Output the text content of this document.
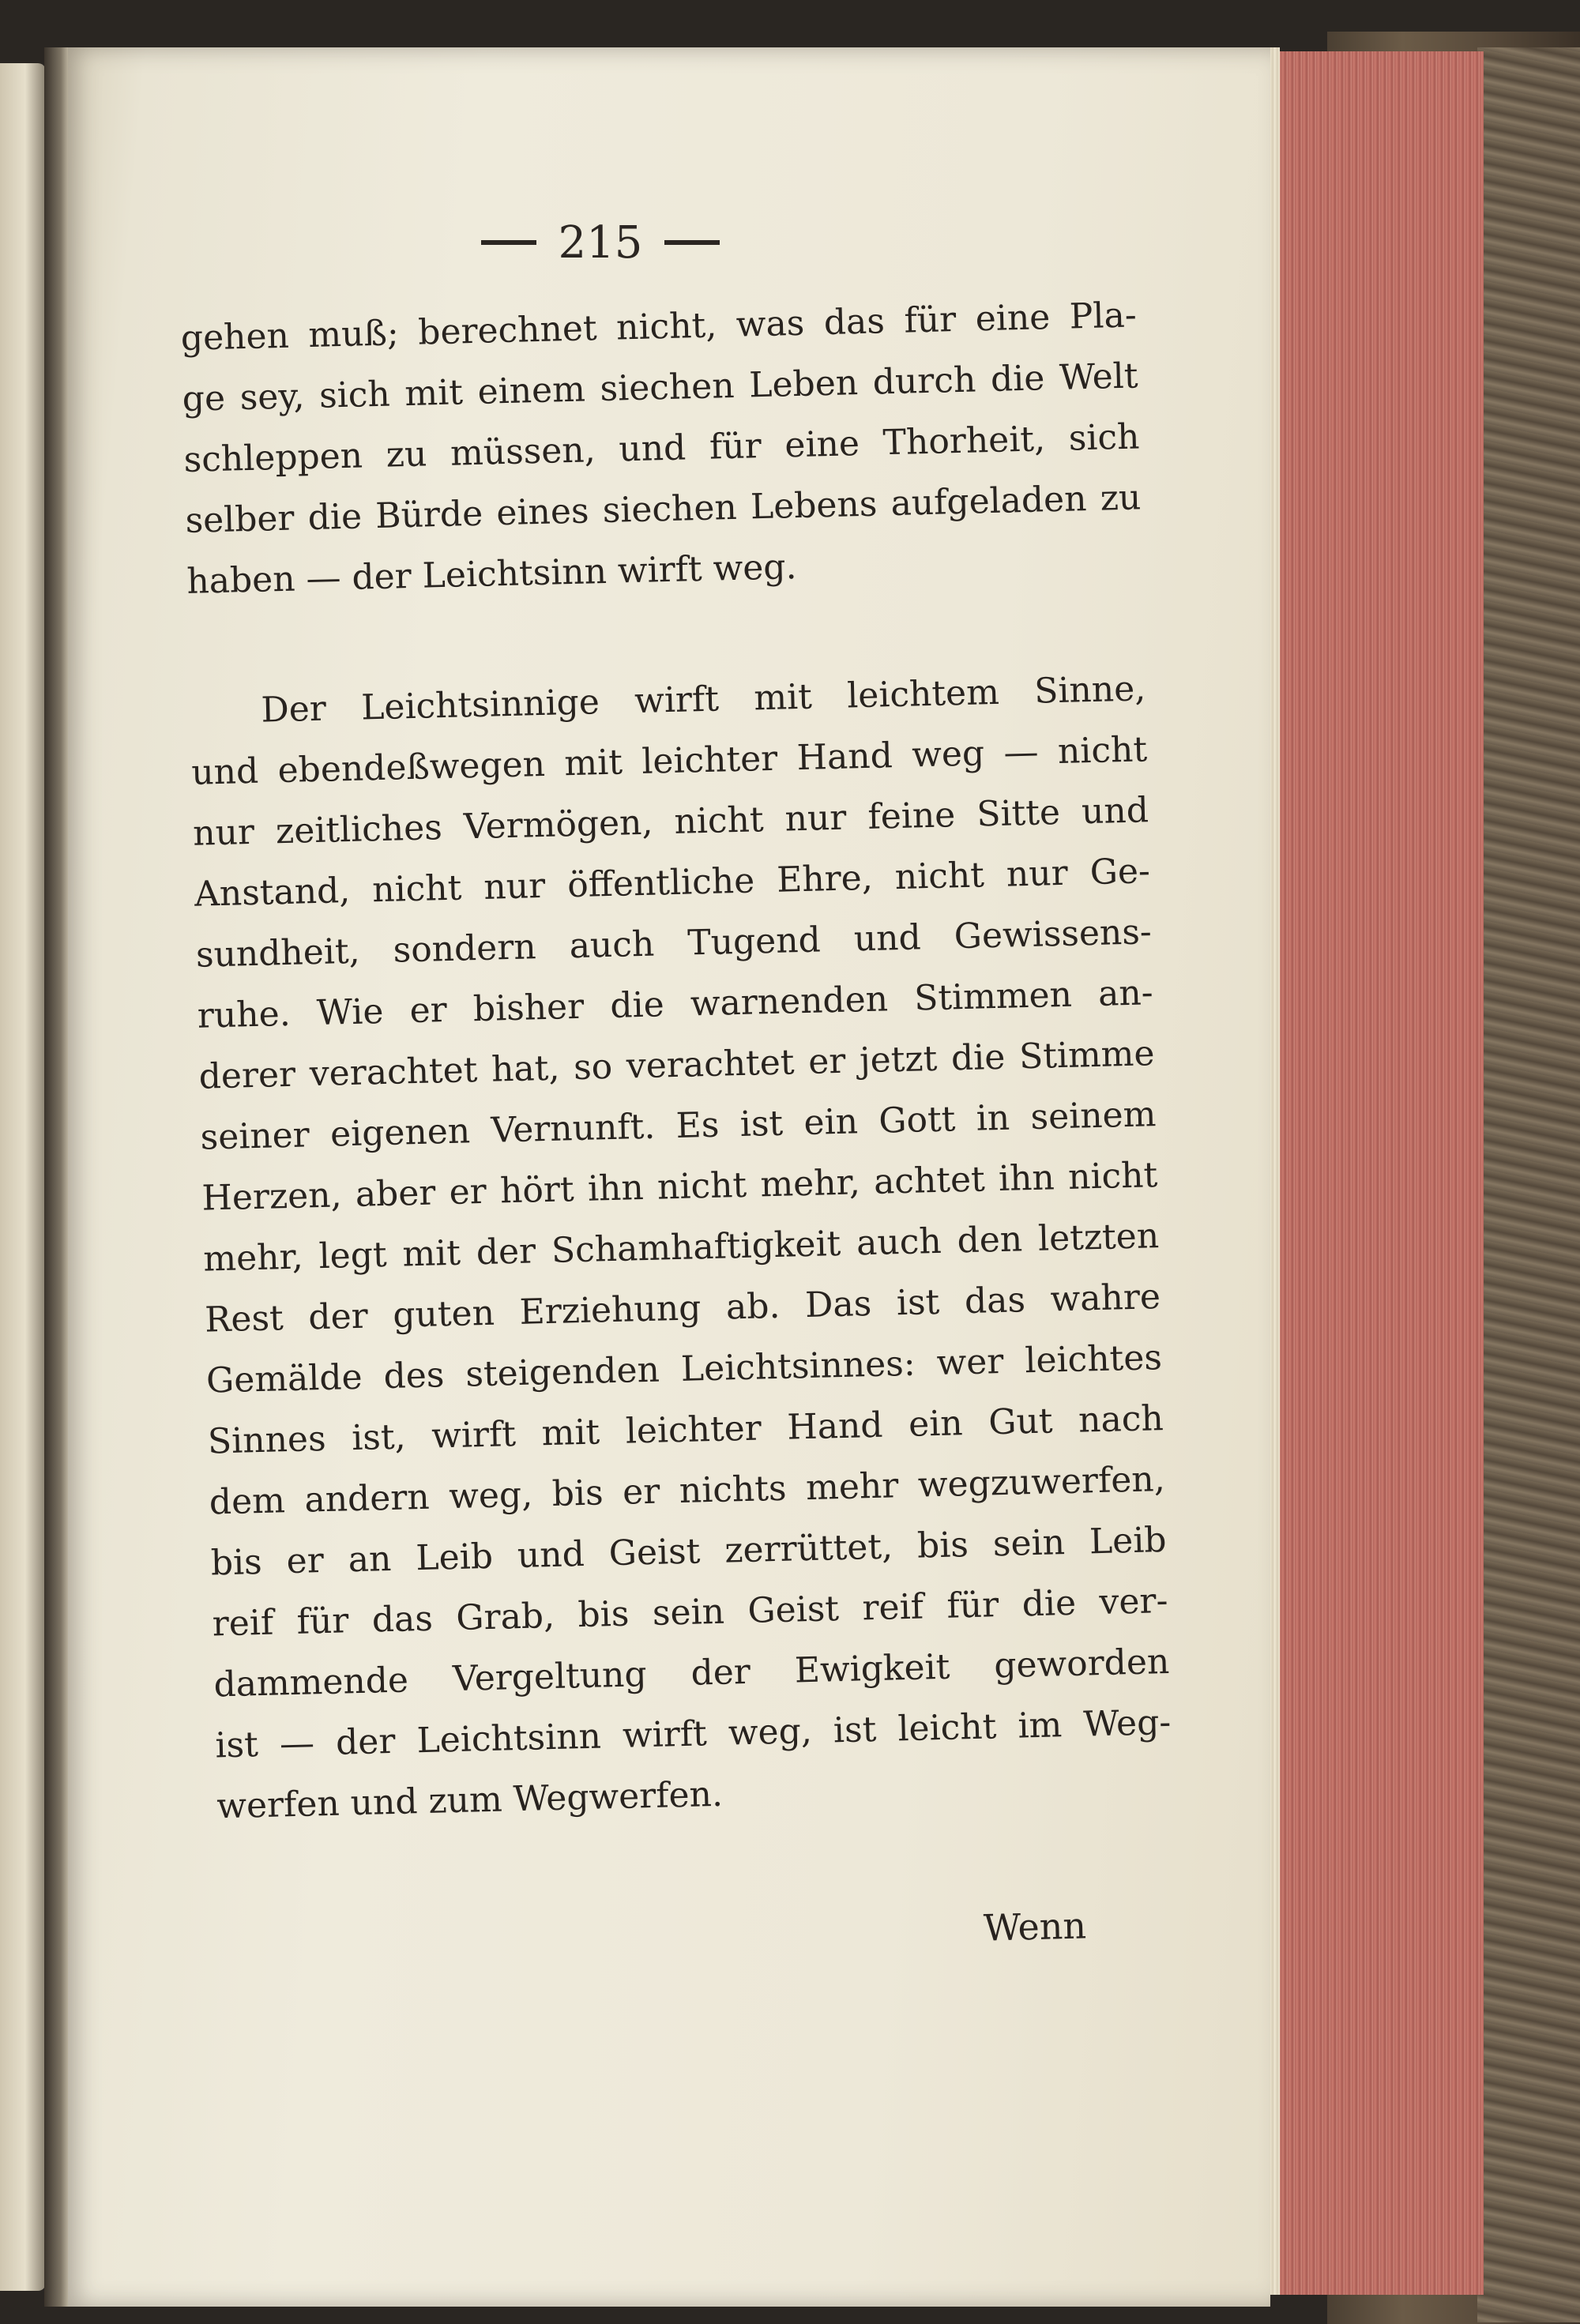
215
gehen muß; berechnet nicht, was das für eine Pla-
ge sey, sich mit einem siechen Leben durch die Welt
schleppen zu müssen, und für eine Thorheit, sich
selber die Bürde eines siechen Lebens aufgeladen zu
haben — der Leichtsinn wirft weg.
Der Leichtsinnige wirft mit leichtem Sinne,
und ebendeßwegen mit leichter Hand weg — nicht
nur zeitliches Vermögen, nicht nur feine Sitte und
Anstand, nicht nur öffentliche Ehre, nicht nur Ge-
sundheit, sondern auch Tugend und Gewissens-
ruhe. Wie er bisher die warnenden Stimmen an-
derer verachtet hat, so verachtet er jetzt die Stimme
seiner eigenen Vernunft. Es ist ein Gott in seinem
Herzen, aber er hört ihn nicht mehr, achtet ihn nicht
mehr, legt mit der Schamhaftigkeit auch den letzten
Rest der guten Erziehung ab. Das ist das wahre
Gemälde des steigenden Leichtsinnes: wer leichtes
Sinnes ist, wirft mit leichter Hand ein Gut nach
dem andern weg, bis er nichts mehr wegzuwerfen,
bis er an Leib und Geist zerrüttet, bis sein Leib
reif für das Grab, bis sein Geist reif für die ver-
dammende Vergeltung der Ewigkeit geworden
ist — der Leichtsinn wirft weg, ist leicht im Weg-
werfen und zum Wegwerfen.
Wenn
